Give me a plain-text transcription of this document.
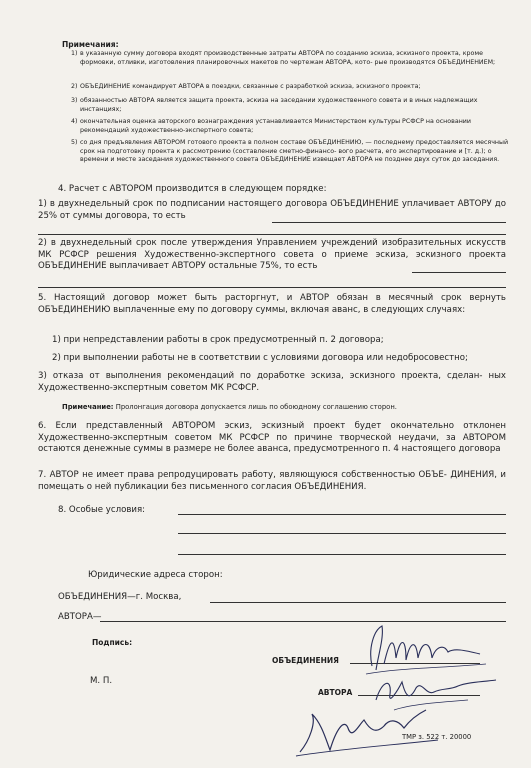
Примечания:
1) в указанную сумму договора входят производственные затраты АВТОРА по созданию эскиза, эскизного проекта, кроме формовки, отливки, изготовления планировочных макетов по чертежам АВТОРА, кото- рые производятся ОБЪЕДИНЕНИЕМ;
2) ОБЪЕДИНЕНИЕ командирует АВТОРА в поездки, связанные с разработкой эскиза, эскизного проекта;
3) обязанностью АВТОРА является защита проекта, эскиза на заседании художественного совета и в иных надлежащих инстанциях;
4) окончательная оценка авторского вознаграждения устанавливается Министерством культуры РСФСР на основании рекомендаций художественно-экспертного совета;
5) со дня предъявления АВТОРОМ готового проекта в полном составе ОБЪЕДИНЕНИЮ, — последнему предоставляется месячный срок на подготовку проекта к рассмотрению (составление сметно-финансо- вого расчета, его экспертирование и [т. д.); о времени и месте заседания художественного совета ОБЪЕДИНЕНИЕ извещает АВТОРА не позднее двух суток до заседания.
4. Расчет с АВТОРОМ производится в следующем порядке:
1) в двухнедельный срок по подписании настоящего договора ОБЪЕДИНЕНИЕ уплачивает АВТОРУ до 25% от суммы договора, то есть
2) в двухнедельный срок после утверждения Управлением учреждений изобразительных искусств МК РСФСР решения Художественно-экспертного совета о приеме эскиза, эскизного проекта ОБЪЕДИНЕНИЕ выплачивает АВТОРУ остальные 75%, то есть
5. Настоящий договор может быть расторгнут, и АВТОР обязан в месячный срок вернуть ОБЪЕДИНЕНИЮ выплаченные ему по договору суммы, включая аванс, в следующих случаях:
1) при непредставлении работы в срок предусмотренный п. 2 договора;
2) при выполнении работы не в соответствии с условиями договора или недобросовестно;
3) отказа от выполнения рекомендаций по доработке эскиза, эскизного проекта, сделан- ных Художественно-экспертным советом МК РСФСР.
Примечание: Пролонгация договора допускается лишь по обоюдному соглашению сторон.
6. Если представленный АВТОРОМ эскиз, эскизный проект будет окончательно отклонен Художественно-экспертным советом МК РСФСР по причине творческой неудачи, за АВТОРОМ остаются денежные суммы в размере не более аванса, предусмотренного п. 4 настоящего договора
7. АВТОР не имеет права репродуцировать работу, являющуюся собственностью ОБЪЕ- ДИНЕНИЯ, и помещать о ней публикации без письменного согласия ОБЪЕДИНЕНИЯ.
8. Особые условия:
Юридические адреса сторон:
ОБЪЕДИНЕНИЯ—г. Москва,
АВТОРА—
Подпись:
ОБЪЕДИНЕНИЯ
М. П.
АВТОРА
ТМР з. 522 т. 20000
